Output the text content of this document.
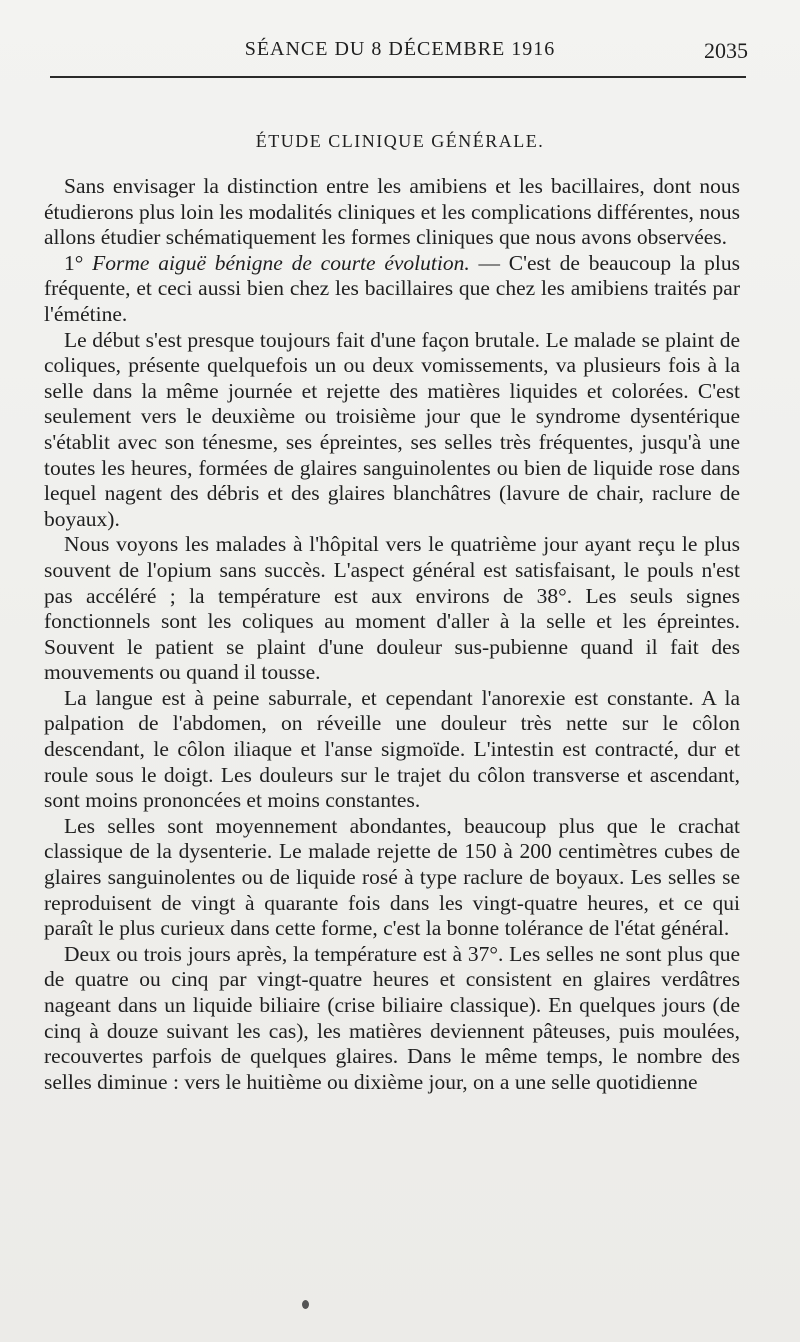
SÉANCE DU 8 DÉCEMBRE 1916	2035
ÉTUDE CLINIQUE GÉNÉRALE.

Sans envisager la distinction entre les amibiens et les bacillaires, dont nous étudierons plus loin les modalités cliniques et les complications différentes, nous allons étudier schématiquement les formes cliniques que nous avons observées.

1° Forme aiguë bénigne de courte évolution. — C'est de beaucoup la plus fréquente, et ceci aussi bien chez les bacillaires que chez les amibiens traités par l'émétine.

Le début s'est presque toujours fait d'une façon brutale. Le malade se plaint de coliques, présente quelquefois un ou deux vomissements, va plusieurs fois à la selle dans la même journée et rejette des matières liquides et colorées. C'est seulement vers le deuxième ou troisième jour que le syndrome dysentérique s'établit avec son ténesme, ses épreintes, ses selles très fréquentes, jusqu'à une toutes les heures, formées de glaires sanguinolentes ou bien de liquide rose dans lequel nagent des débris et des glaires blanchâtres (lavure de chair, raclure de boyaux).

Nous voyons les malades à l'hôpital vers le quatrième jour ayant reçu le plus souvent de l'opium sans succès. L'aspect général est satisfaisant, le pouls n'est pas accéléré ; la température est aux environs de 38°. Les seuls signes fonctionnels sont les coliques au moment d'aller à la selle et les épreintes. Souvent le patient se plaint d'une douleur sus-pubienne quand il fait des mouvements ou quand il tousse.

La langue est à peine saburrale, et cependant l'anorexie est constante. A la palpation de l'abdomen, on réveille une douleur très nette sur le côlon descendant, le côlon iliaque et l'anse sigmoïde. L'intestin est contracté, dur et roule sous le doigt. Les douleurs sur le trajet du côlon transverse et ascendant, sont moins prononcées et moins constantes.

Les selles sont moyennement abondantes, beaucoup plus que le crachat classique de la dysenterie. Le malade rejette de 150 à 200 centimètres cubes de glaires sanguinolentes ou de liquide rosé à type raclure de boyaux. Les selles se reproduisent de vingt à quarante fois dans les vingt-quatre heures, et ce qui paraît le plus curieux dans cette forme, c'est la bonne tolérance de l'état général.

Deux ou trois jours après, la température est à 37°. Les selles ne sont plus que de quatre ou cinq par vingt-quatre heures et consistent en glaires verdâtres nageant dans un liquide biliaire (crise biliaire classique). En quelques jours (de cinq à douze suivant les cas), les matières deviennent pâteuses, puis moulées, recouvertes parfois de quelques glaires. Dans le même temps, le nombre des selles diminue : vers le huitième ou dixième jour, on a une selle quotidienne
